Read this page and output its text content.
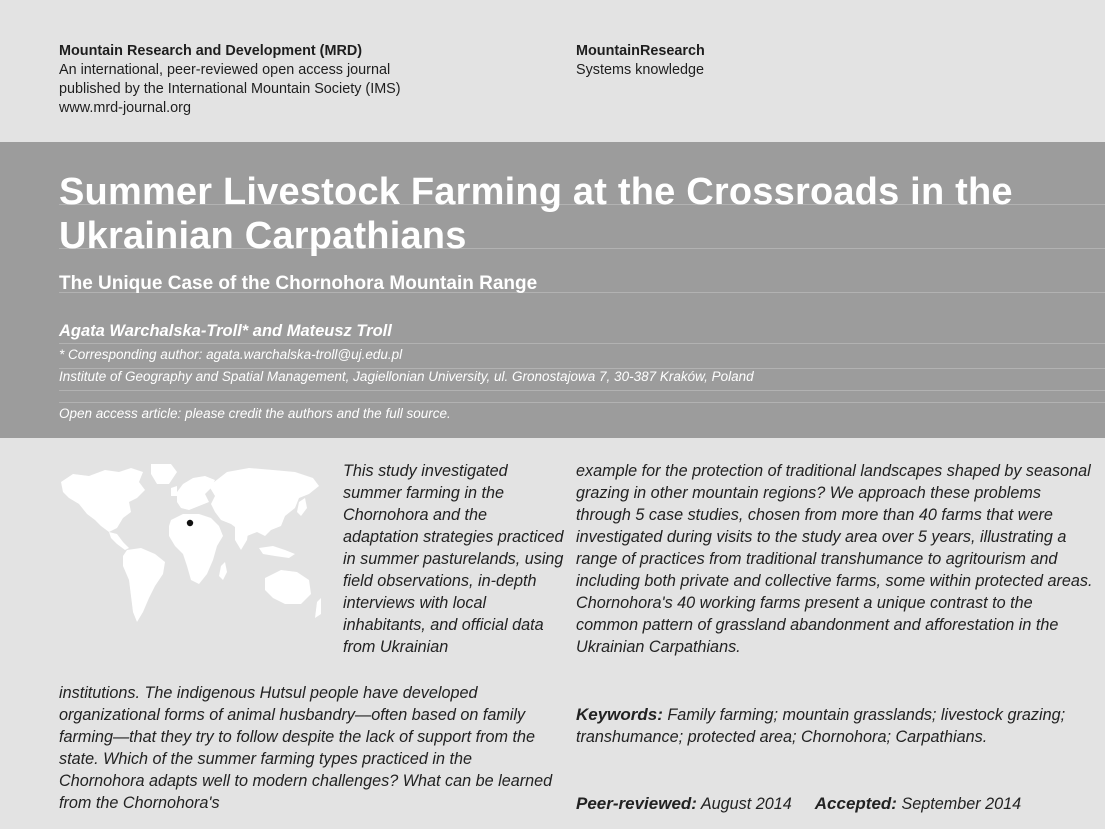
Mountain Research and Development (MRD)
An international, peer-reviewed open access journal
published by the International Mountain Society (IMS)
www.mrd-journal.org
MountainResearch
Systems knowledge
Summer Livestock Farming at the Crossroads in the Ukrainian Carpathians
The Unique Case of the Chornohora Mountain Range
Agata Warchalska-Troll* and Mateusz Troll
* Corresponding author: agata.warchalska-troll@uj.edu.pl
Institute of Geography and Spatial Management, Jagiellonian University, ul. Gronostajowa 7, 30-387 Kraków, Poland
Open access article: please credit the authors and the full source.
This study investigated summer farming in the Chornohora and the adaptation strategies practiced in summer pasturelands, using field observations, in-depth interviews with local inhabitants, and official data from Ukrainian
institutions. The indigenous Hutsul people have developed organizational forms of animal husbandry—often based on family farming—that they try to follow despite the lack of support from the state. Which of the summer farming types practiced in the Chornohora adapts well to modern challenges? What can be learned from the Chornohora's
example for the protection of traditional landscapes shaped by seasonal grazing in other mountain regions? We approach these problems through 5 case studies, chosen from more than 40 farms that were investigated during visits to the study area over 5 years, illustrating a range of practices from traditional transhumance to agritourism and including both private and collective farms, some within protected areas. Chornohora's 40 working farms present a unique contrast to the common pattern of grassland abandonment and afforestation in the Ukrainian Carpathians.
Keywords: Family farming; mountain grasslands; livestock grazing; transhumance; protected area; Chornohora; Carpathians.
Peer-reviewed: August 2014 Accepted: September 2014
